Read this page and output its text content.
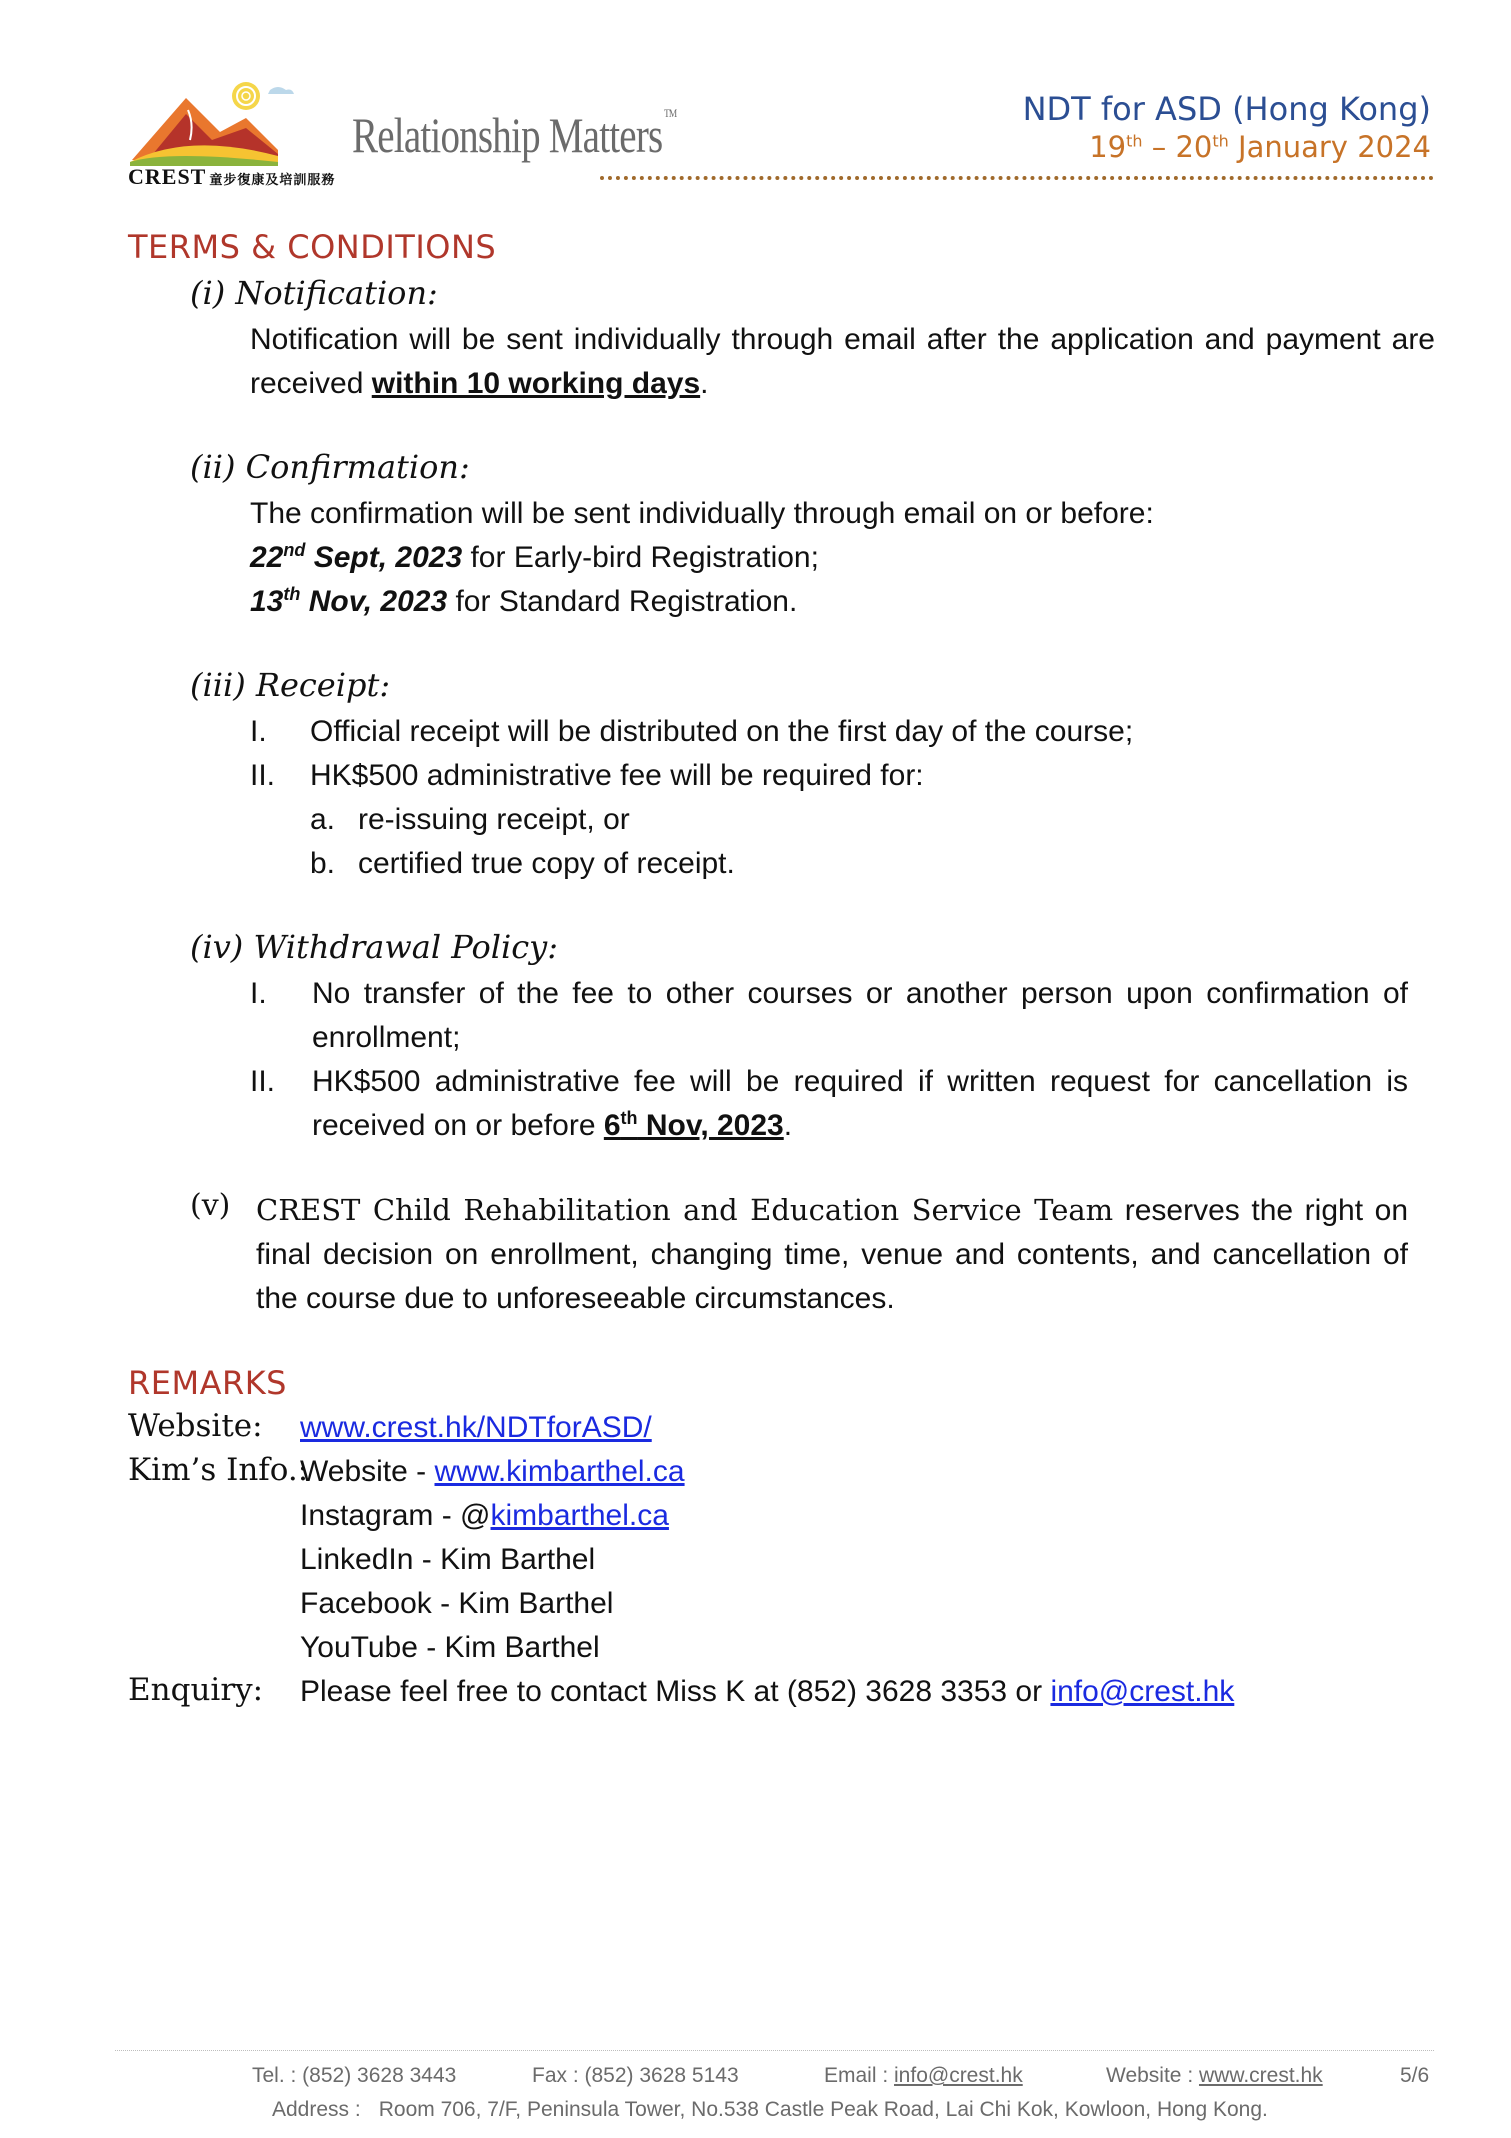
CREST 童步復康及培訓服務
Relationship Matters ™	NDT for ASD (Hong Kong)
19th – 20th January 2024
TERMS & CONDITIONS
(i) Notification:
Notification will be sent individually through email after the application and payment are received within 10 working days.
(ii) Confirmation:
The confirmation will be sent individually through email on or before:
22nd Sept, 2023 for Early-bird Registration;
13th Nov, 2023 for Standard Registration.
(iii) Receipt:
I.	Official receipt will be distributed on the first day of the course;
II.	HK$500 administrative fee will be required for:
a. re-issuing receipt, or
b. certified true copy of receipt.
(iv) Withdrawal Policy:
I.	No transfer of the fee to other courses or another person upon confirmation of enrollment;
II.	HK$500 administrative fee will be required if written request for cancellation is received on or before 6th Nov, 2023.
(v) CREST Child Rehabilitation and Education Service Team reserves the right on final decision on enrollment, changing time, venue and contents, and cancellation of the course due to unforeseeable circumstances.
REMARKS
Website: www.crest.hk/NDTforASD/
Kim’s Info.:
Website - www.kimbarthel.ca
Instagram - @kimbarthel.ca
LinkedIn - Kim Barthel
Facebook - Kim Barthel
YouTube - Kim Barthel
Enquiry: Please feel free to contact Miss K at (852) 3628 3353 or info@crest.hk
Tel. : (852) 3628 3443	Fax : (852) 3628 5143	Email : info@crest.hk	Website : www.crest.hk	5/6
Address : Room 706, 7/F, Peninsula Tower, No.538 Castle Peak Road, Lai Chi Kok, Kowloon, Hong Kong.
